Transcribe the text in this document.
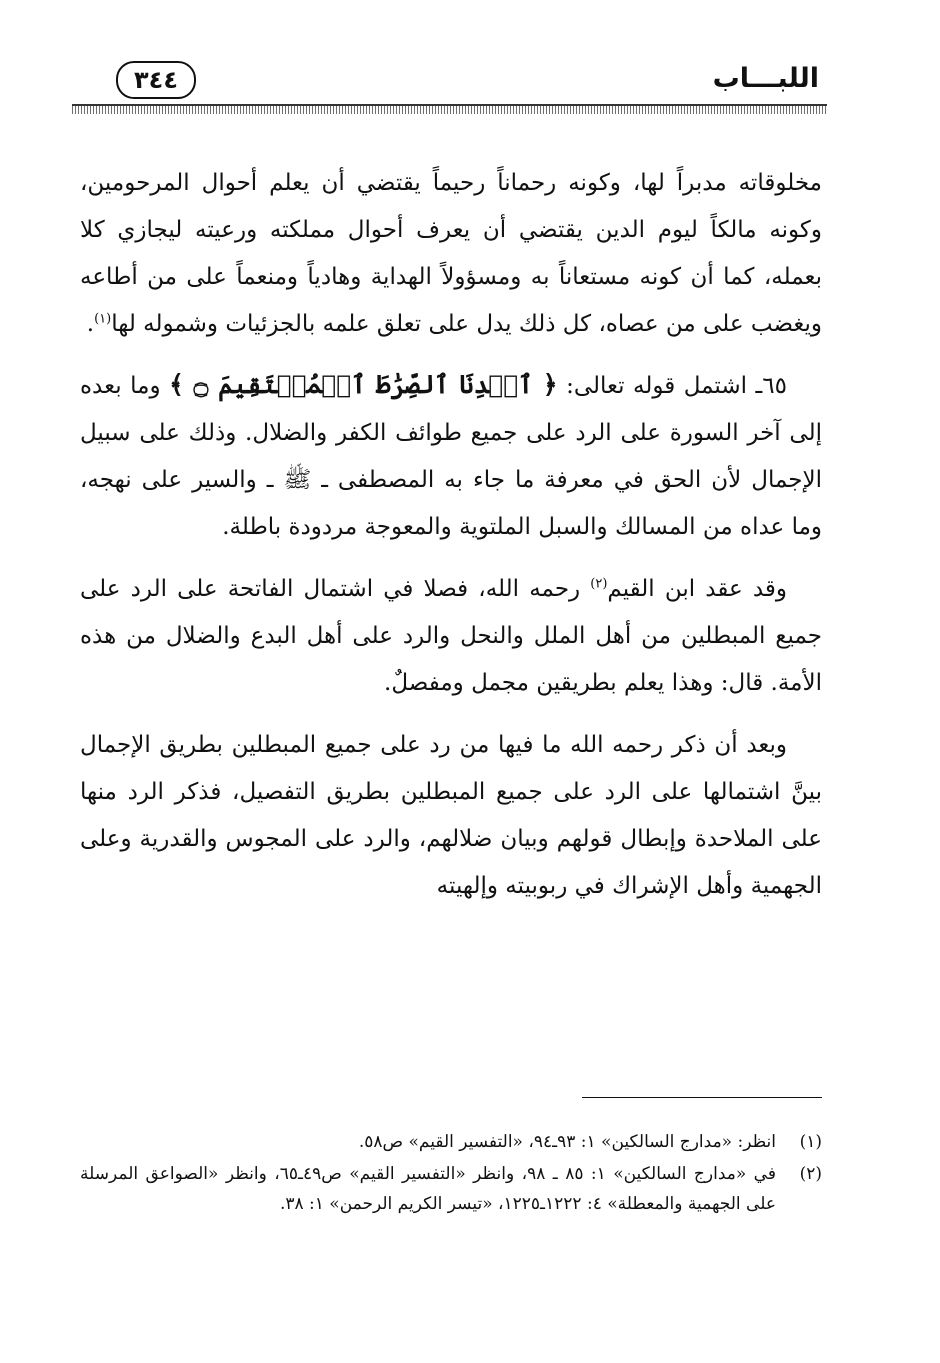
اللبـــاب
٣٤٤

مخلوقاته مدبراً لها، وكونه رحماناً رحيماً يقتضي أن يعلم أحوال المرحومين، وكونه مالكاً ليوم الدين يقتضي أن يعرف أحوال مملكته ورعيته ليجازي كلا بعمله، كما أن كونه مستعاناً به ومسؤولاً الهداية وهادياً ومنعماً على من أطاعه ويغضب على من عصاه، كل ذلك يدل على تعلق علمه بالجزئيات وشموله لها$^{(١)}$.

٦٥ـ اشتمل قوله تعالى: ﴿ ٱهۡدِنَا ٱلصِّرَٰطَ ٱلۡمُسۡتَقِيمَ ۝ ﴾ وما بعده إلى آخر السورة على الرد على جميع طوائف الكفر والضلال. وذلك على سبيل الإجمال لأن الحق في معرفة ما جاء به المصطفى ـ ﷺ ـ والسير على نهجه، وما عداه من المسالك والسبل الملتوية والمعوجة مردودة باطلة.

وقد عقد ابن القيم$^{(٢)}$ رحمه الله، فصلا في اشتمال الفاتحة على الرد على جميع المبطلين من أهل الملل والنحل والرد على أهل البدع والضلال من هذه الأمة. قال: وهذا يعلم بطريقين مجمل ومفصلٌ.

وبعد أن ذكر رحمه الله ما فيها من رد على جميع المبطلين بطريق الإجمال بينَّ اشتمالها على الرد على جميع المبطلين بطريق التفصيل، فذكر الرد منها على الملاحدة وإبطال قولهم وبيان ضلالهم، والرد على المجوس والقدرية وعلى الجهمية وأهل الإشراك في ربوبيته وإلهيته

(١)
انظر: «مدارج السالكين» ١: ٩٣ـ٩٤، «التفسير القيم» ص٥٨.
(٢)
في «مدارج السالكين» ١: ٨٥ ـ ٩٨، وانظر «التفسير القيم» ص٤٩ـ٦٥، وانظر «الصواعق المرسلة على الجهمية والمعطلة» ٤: ١٢٢٢ـ١٢٢٥، «تيسر الكريم الرحمن» ١: ٣٨.
